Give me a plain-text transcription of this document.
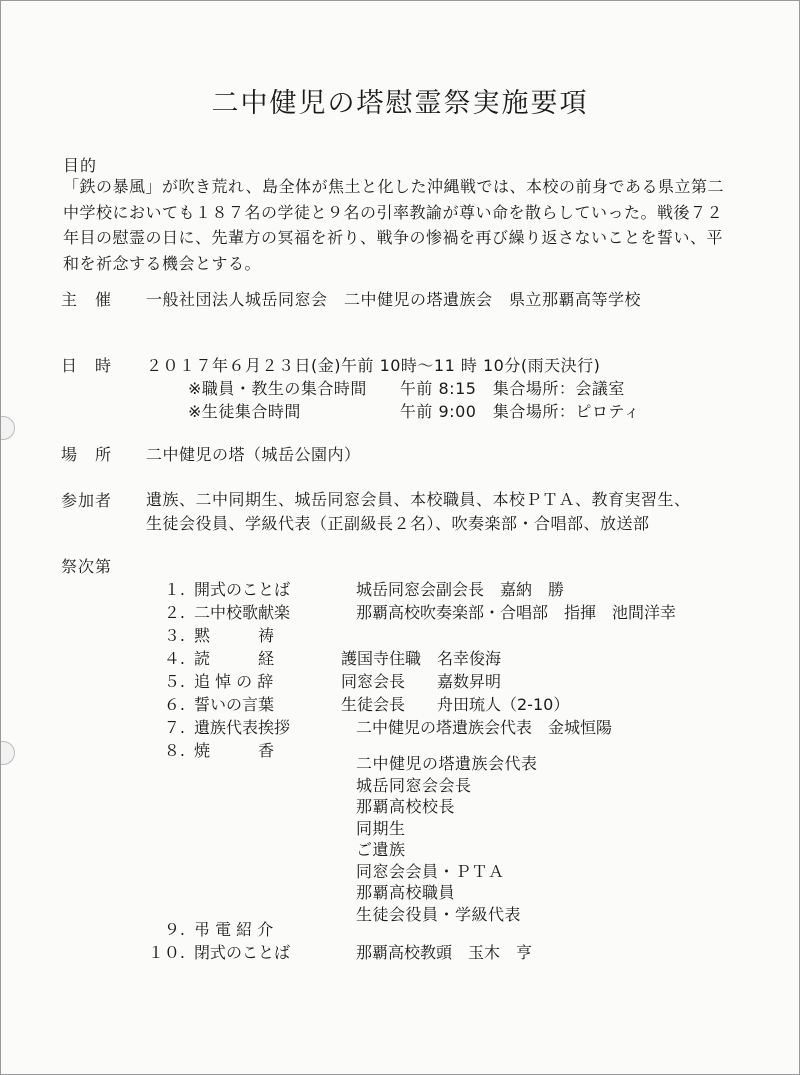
二中健児の塔慰霊祭実施要項
目的
「鉄の暴風」が吹き荒れ、島全体が焦土と化した沖縄戦では、本校の前身である県立第二
中学校においても１８７名の学徒と９名の引率教諭が尊い命を散らしていった。戦後７２
年目の慰霊の日に、先輩方の冥福を祈り、戦争の惨禍を再び繰り返さないことを誓い、平
和を祈念する機会とする。
主　催 一般社団法人城岳同窓会　二中健児の塔遺族会　県立那覇高等学校
日　時 ２０１７年６月２３日(金)午前 10時～11 時 10分(雨天決行)
※職員・教生の集合時間　　午前 8:15　集合場所：会議室
※生徒集合時間　　　　　　午前 9:00　集合場所：ピロティ
場　所 二中健児の塔（城岳公園内）
参加者 遺族、二中同期生、城岳同窓会員、本校職員、本校ＰＴＡ、教育実習生、
生徒会役員、学級代表（正副級長２名）、吹奏楽部・合唱部、放送部
祭次第
１. 開式のことば	城岳同窓会副会長　嘉納　勝
２. 二中校歌献楽	那覇高校吹奏楽部・合唱部　指揮　池間洋幸
３. 黙　　　祷
４. 読　　　経	護国寺住職　名幸俊海
５. 追 悼 の 辞	同窓会長　　嘉数昇明
６. 誓いの言葉	生徒会長　　舟田琉人（2-10）
７. 遺族代表挨拶	二中健児の塔遺族会代表　金城恒陽
８. 焼　　　香
二中健児の塔遺族会代表
城岳同窓会会長
那覇高校校長
同期生
ご遺族
同窓会会員・ＰＴＡ
那覇高校職員
生徒会役員・学級代表
９. 弔 電 紹 介
１０. 閉式のことば	那覇高校教頭　玉木　亨
